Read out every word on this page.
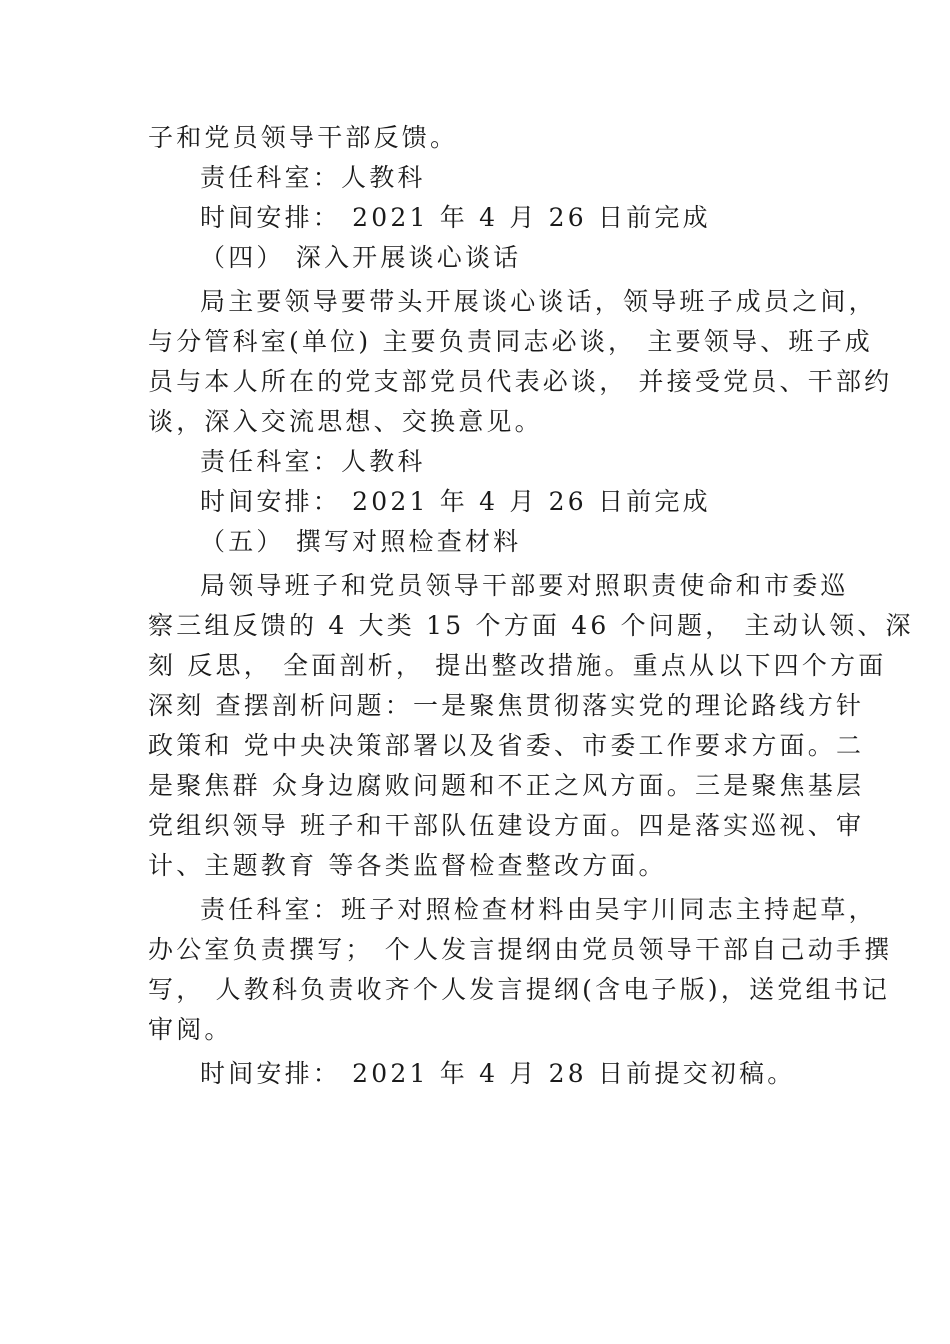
子和党员领导干部反馈。
责任科室：人教科
时间安排： 2021 年 4 月 26 日前完成
（四） 深入开展谈心谈话
局主要领导要带头开展谈心谈话，领导班子成员之间，
与分管科室(单位) 主要负责同志必谈， 主要领导、班子成
员与本人所在的党支部党员代表必谈， 并接受党员、干部约
谈，深入交流思想、交换意见。
责任科室：人教科
时间安排： 2021 年 4 月 26 日前完成
（五） 撰写对照检查材料
局领导班子和党员领导干部要对照职责使命和市委巡
察三组反馈的 4 大类 15 个方面 46 个问题， 主动认领、深
刻 反思， 全面剖析， 提出整改措施。重点从以下四个方面
深刻 查摆剖析问题：一是聚焦贯彻落实党的理论路线方针
政策和 党中央决策部署以及省委、市委工作要求方面。二
是聚焦群 众身边腐败问题和不正之风方面。三是聚焦基层
党组织领导 班子和干部队伍建设方面。四是落实巡视、审
计、主题教育 等各类监督检查整改方面。
责任科室：班子对照检查材料由吴宇川同志主持起草，
办公室负责撰写； 个人发言提纲由党员领导干部自己动手撰
写， 人教科负责收齐个人发言提纲(含电子版)，送党组书记
审阅。
时间安排： 2021 年 4 月 28 日前提交初稿。
